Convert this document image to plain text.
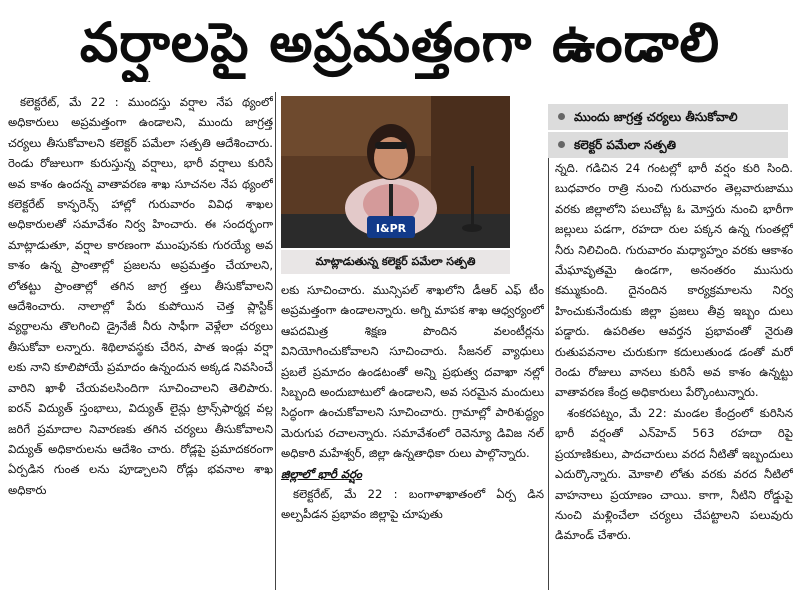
వర్షాలపై అప్రమత్తంగా ఉండాలి

కలెక్టరేట్, మే 22 : ముందస్తు వర్షాల నేప థ్యంలో అధికారులు అప్రమత్తంగా ఉండాలని, ముందు జాగ్రత్త చర్యలు తీసుకోవాలని కలెక్టర్ పమేలా సత్పతి ఆదేశించారు. రెండు రోజులుగా కురుస్తున్న వర్షాలు, భారీ వర్షాలు కురిసే అవ కాశం ఉందన్న వాతావరణ శాఖ సూచనల నేప థ్యంలో కలెక్టరేట్ కాన్ఫరెన్స్ హాల్లో గురువారం వివిధ శాఖల అధికారులతో సమావేశం నిర్వ హించారు. ఈ సందర్భంగా మాట్లాడుతూ, వర్షాల కారణంగా ముంపునకు గురయ్యే అవ కాశం ఉన్న ప్రాంతాల్లో ప్రజలను అప్రమత్తం చేయాలని, లోతట్టు ప్రాంతాల్లో తగిన జాగ్ర త్తలు తీసుకోవాలని ఆదేశించారు. నాలాల్లో పేరు కుపోయిన చెత్త ప్లాస్టిక్ వ్యర్థాలను తొలగించి డ్రైనేజీ నీరు సాఫీగా వెళ్లేలా చర్యలు తీసుకోవా లన్నారు. శిథిలావస్థకు చేరిన, పాత ఇండ్లు వర్షా లకు నాని కూలిపోయే ప్రమాదం ఉన్నందున అక్కడ నివసించే వారిని ఖాళీ చేయవలసిందిగా సూచించాలని తెలిపారు. ఐరన్ విద్యుత్ స్తంభాలు, విద్యుత్ లైన్లు ట్రాన్స్‌ఫార్మర్ల వల్ల జరిగే ప్రమాదాల నివారణకు తగిన చర్యలు తీసుకోవాలని విద్యుత్ అధికారులను ఆదేశిం చారు. రోడ్లపై ప్రమాదకరంగా ఏర్పడిన గుంత లను పూడ్చాలని రోడ్లు భవనాల శాఖ అధికారు

I&PR
మాట్లాడుతున్న కలెక్టర్ పమేలా సత్పతి
ముందు జాగ్రత్త చర్యలు తీసుకోవాలి
కలెక్టర్ పమేలా సత్పతి

లకు సూచించారు. మున్సిపల్ శాఖలోని డీఆర్ ఎఫ్ టీం అప్రమత్తంగా ఉండాలన్నారు. అగ్ని మాపక శాఖ ఆధ్వర్యంలో ఆపదమిత్ర శిక్షణ పొందిన వలంటీర్లను వినియోగించుకోవాలని సూచించారు. సీజనల్ వ్యాధులు ప్రబలే ప్రమాదం ఉండటంతో అన్ని ప్రభుత్వ దవాఖా నల్లో సిబ్బంది అందుబాటులో ఉండాలని, అవ సరమైన మందులు సిద్ధంగా ఉంచుకోవాలని సూచించారు. గ్రామాల్లో పారిశుద్ధ్యం మెరుగుప రచాలన్నారు. సమావేశంలో రెవెన్యూ డివిజ నల్ అధికారి మహేశ్వర్, జిల్లా ఉన్నతాధికా రులు పాల్గొన్నారు.

జిల్లాలో భారీ వర్షం

కలెక్టరేట్, మే 22 : బంగాళాఖాతంలో ఏర్ప డిన అల్పపీడన ప్రభావం జిల్లాపై చూపుతు

న్నది. గడిచిన 24 గంటల్లో భారీ వర్షం కురి సింది. బుధవారం రాత్రి నుంచి గురువారం తెల్లవారుజాము వరకు జిల్లాలోని పలుచోట్ల ఓ మోస్తరు నుంచి భారీగా జల్లులు పడగా, రహదా రుల పక్కన ఉన్న గుంతల్లో నీరు నిలిచింది. గురువారం మధ్యాహ్నం వరకు ఆకాశం మేఘావృతమై ఉండగా, అనంతరం ముసురు కమ్ముకుంది. దైనందిన కార్యక్రమాలను నిర్వ హించుకునేందుకు జిల్లా ప్రజలు తీవ్ర ఇబ్బం దులు పడ్డారు. ఉపరితల ఆవర్తన ప్రభావంతో నైరుతి రుతుపవనాల చురుకుగా కదులుతుండ డంతో మరో రెండు రోజులు వానలు కురిసే అవ కాశం ఉన్నట్టు వాతావరణ కేంద్ర అధికారులు పేర్కొంటున్నారు.

శంకరపట్నం, మే 22: మండల కేంద్రంలో కురిసిన భారీ వర్షంతో ఎన్‌హెచ్ 563 రహదా రిపై ప్రయాణికులు, పాదచారులు వరద నీటితో ఇబ్బందులు ఎదుర్కొన్నారు. మోకాలి లోతు వరకు వరద నీటిలో వాహనాలు ప్రయాణం చాయి. కాగా, నీటిని రోడ్డుపై నుంచి మళ్లించేలా చర్యలు చేపట్టాలని పలువురు డిమాండ్ చేశారు.
